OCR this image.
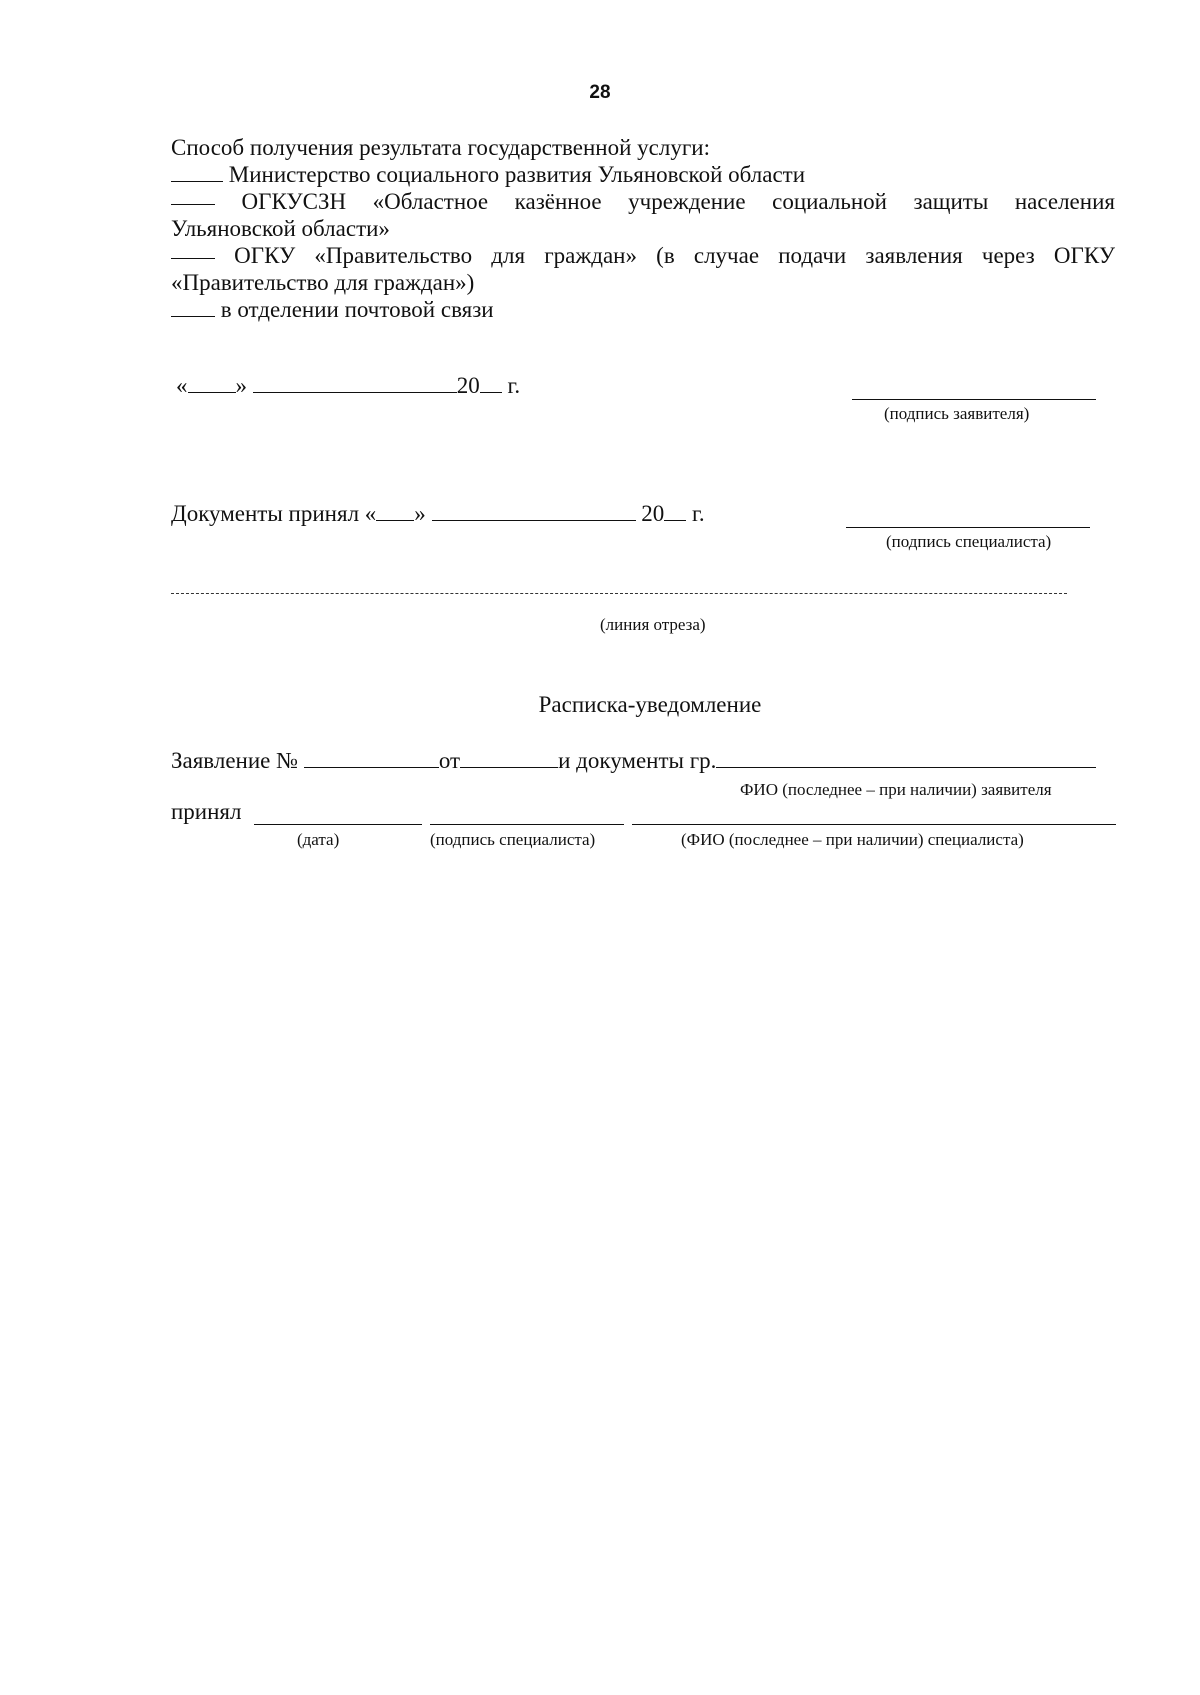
28
Способ получения результата государственной услуги:
Министерство социального развития Ульяновской области
ОГКУСЗН «Областное казённое учреждение социальной защиты населения
Ульяновской области»
ОГКУ «Правительство для граждан» (в случае подачи заявления через ОГКУ
«Правительство для граждан»)
в отделении почтовой связи
« »	20 г.
(подпись заявителя)
Документы принял « »	20 г.
(подпись специалиста)
(линия отреза)
Расписка-уведомление
Заявление №	от	и документы гр.
ФИО (последнее – при наличии) заявителя
принял
(дата)	(подпись специалиста)	(ФИО (последнее – при наличии) специалиста)
